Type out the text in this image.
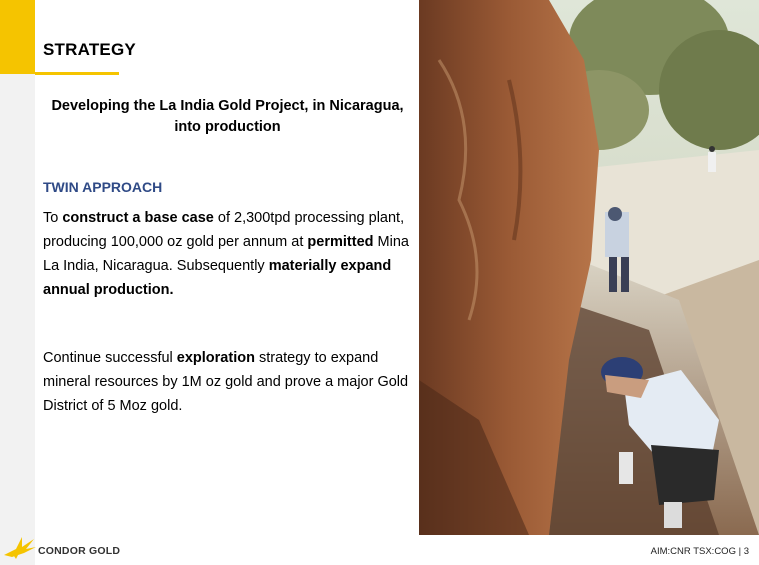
STRATEGY
Developing the La India Gold Project, in Nicaragua,
into production
TWIN APPROACH
To construct a base case of 2,300tpd processing plant, producing 100,000 oz gold per annum at permitted Mina La India, Nicaragua. Subsequently materially expand annual production.
Continue successful exploration strategy to expand mineral resources by 1M oz gold and prove a major Gold District of 5 Moz gold.
CONDOR GOLD	AIM:CNR TSX:COG | 3
